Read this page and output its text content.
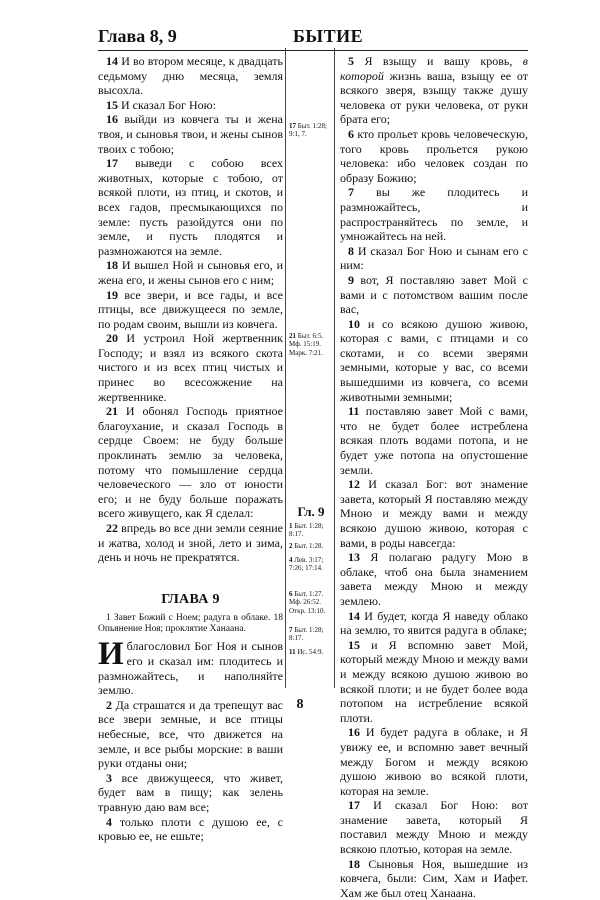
Глава 8, 9	БЫТИЕ

14 И во втором месяце, к двадцать седьмому дню месяца, земля высохла.

15 И сказал Бог Ною:

16 выйди из ковчега ты и жена твоя, и сыновья твои, и жены сынов твоих с тобою;

17 выведи с собою всех животных, которые с тобою, от всякой плоти, из птиц, и скотов, и всех гадов, пресмыкающихся по земле: пусть разойдутся они по земле, и пусть плодятся и размножаются на земле.

18 И вышел Ной и сыновья его, и жена его, и жены сынов его с ним;

19 все звери, и все гады, и все птицы, все движущееся по земле, по родам своим, вышли из ковчега.

20 И устроил Ной жертвенник Господу; и взял из всякого скота чистого и из всех птиц чистых и принес во всесожжение на жертвеннике.

21 И обонял Господь приятное благоухание, и сказал Господь в сердце Своем: не буду больше проклинать землю за человека, потому что помышление сердца человеческого — зло от юности его; и не буду больше поражать всего живущего, как Я сделал:

22 впредь во все дни земли сеяние и жатва, холод и зной, лето и зима, день и ночь не прекратятся.

ГЛАВА 9

1 Завет Божий с Ноем; радуга в облаке. 18 Опьянение Ноя; проклятие Ханаана.

Иблагословил Бог Ноя и сынов его и сказал им: плодитесь и размножайтесь, и наполняйте землю.

2 Да страшатся и да трепещут вас все звери земные, и все птицы небесные, все, что движется на земле, и все рыбы морские: в ваши руки отданы они;

3 все движущееся, что живет, будет вам в пищу; как зелень травную даю вам все;

4 только плоти с душою ее, с кровью ее, не ешьте;

17 Быт. 1:28; 9:1, 7.
21 Быт. 6:5. Мф. 15:19. Марк. 7:21.
Гл. 9
1 Быт. 1:28; 8:17.
2 Быт. 1:28.
4 Лев. 3:17; 7:26; 17:14.
6 Быт. 1:27. Мф. 26:52. Откр. 13:10.
7 Быт. 1:28; 8:17.
11 Ис. 54:9.

5 Я взыщу и вашу кровь, в которой жизнь ваша, взыщу ее от всякого зверя, взыщу также душу человека от руки человека, от руки брата его;

6 кто прольет кровь человеческую, того кровь прольется рукою человека: ибо человек создан по образу Божию;

7 вы же плодитесь и размножайтесь, и распространяйтесь по земле, и умножайтесь на ней.

8 И сказал Бог Ною и сынам его с ним:

9 вот, Я поставляю завет Мой с вами и с потомством вашим после вас,

10 и со всякою душою живою, которая с вами, с птицами и со скотами, и со всеми зверями земными, которые у вас, со всеми вышедшими из ковчега, со всеми животными земными;

11 поставляю завет Мой с вами, что не будет более истреблена всякая плоть водами потопа, и не будет уже потопа на опустошение земли.

12 И сказал Бог: вот знамение завета, который Я поставляю между Мною и между вами и между всякою душою живою, которая с вами, в роды навсегда:

13 Я полагаю радугу Мою в облаке, чтоб она была знамением завета между Мною и между землею.

14 И будет, когда Я наведу облако на землю, то явится радуга в облаке;

15 и Я вспомню завет Мой, который между Мною и между вами и между всякою душою живою во всякой плоти; и не будет более вода потопом на истребление всякой плоти.

16 И будет радуга в облаке, и Я увижу ее, и вспомню завет вечный между Богом и между всякою душою живою во всякой плоти, которая на земле.

17 И сказал Бог Ною: вот знамение завета, который Я поставил между Мною и между всякою плотью, которая на земле.

18 Сыновья Ноя, вышедшие из ковчега, были: Сим, Хам и Иафет. Хам же был отец Ханаана.

8
